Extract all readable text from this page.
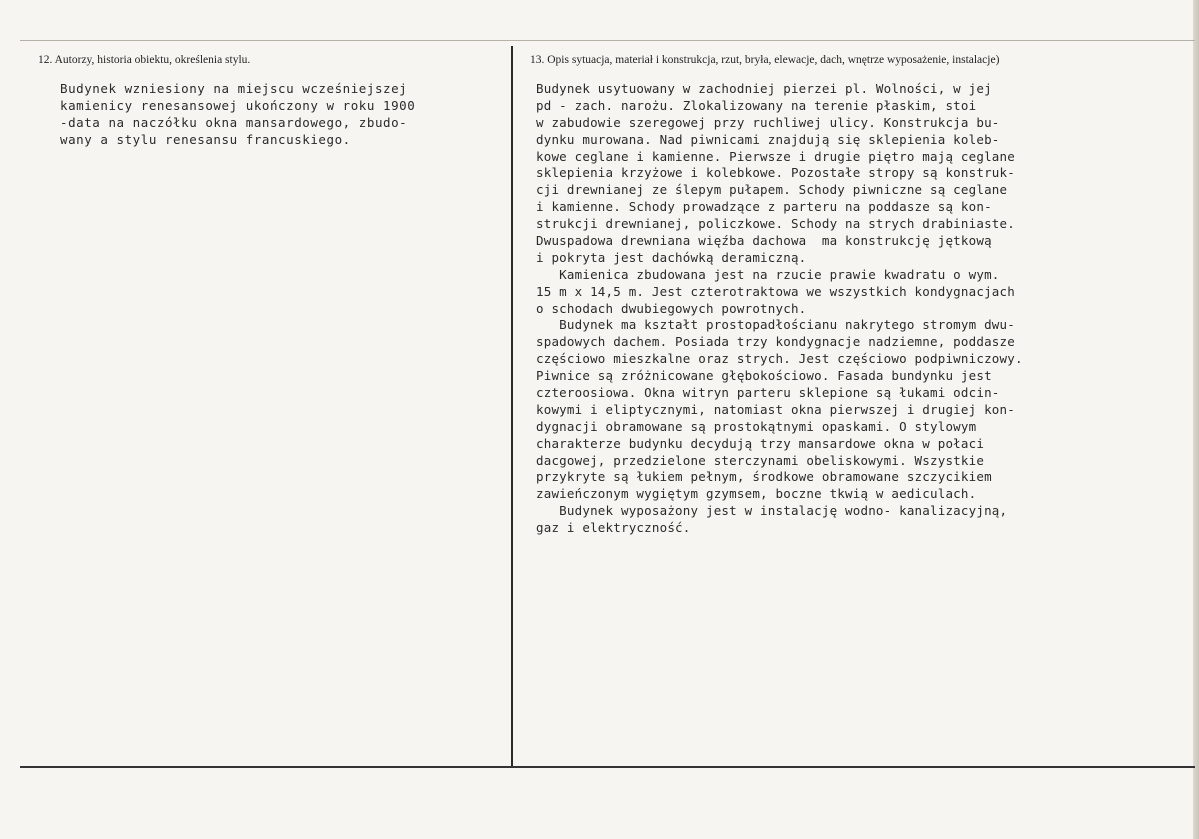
12. Autorzy, historia obiektu, określenia stylu.	13. Opis sytuacja, materiał i konstrukcja, rzut, bryła, elewacje, dach, wnętrze wyposażenie, instalacje)
Budynek wzniesiony na miejscu wcześniejszej
kamienicy renesansowej ukończony w roku 1900
-data na naczółku okna mansardowego, zbudo-
wany a stylu renesansu francuskiego.
Budynek usytuowany w zachodniej pierzei pl. Wolności, w jej
pd - zach. narożu. Zlokalizowany na terenie płaskim, stoi
w zabudowie szeregowej przy ruchliwej ulicy. Konstrukcja bu-
dynku murowana. Nad piwnicami znajdują się sklepienia koleb-
kowe ceglane i kamienne. Pierwsze i drugie piętro mają ceglane
sklepienia krzyżowe i kolebkowe. Pozostałe stropy są konstruk-
cji drewnianej ze ślepym pułapem. Schody piwniczne są ceglane
i kamienne. Schody prowadzące z parteru na poddasze są kon-
strukcji drewnianej, policzkowe. Schody na strych drabiniaste.
Dwuspadowa drewniana więźba dachowa  ma konstrukcję jętkową
i pokryta jest dachówką deramiczną.
Kamienica zbudowana jest na rzucie prawie kwadratu o wym.
15 m x 14,5 m. Jest czterotraktowa we wszystkich kondygnacjach
o schodach dwubiegowych powrotnych.
Budynek ma kształt prostopadłościanu nakrytego stromym dwu-
spadowych dachem. Posiada trzy kondygnacje nadziemne, poddasze
częściowo mieszkalne oraz strych. Jest częściowo podpiwniczowy.
Piwnice są zróżnicowane głębokościowo. Fasada bundynku jest
czteroosiowa. Okna witryn parteru sklepione są łukami odcin-
kowymi i eliptycznymi, natomiast okna pierwszej i drugiej kon-
dygnacji obramowane są prostokątnymi opaskami. O stylowym
charakterze budynku decydują trzy mansardowe okna w połaci
dacgowej, przedzielone sterczynami obeliskowymi. Wszystkie
przykryte są łukiem pełnym, środkowe obramowane szczycikiem
zawieńczonym wygiętym gzymsem, boczne tkwią w aediculach.
Budynek wyposażony jest w instalację wodno- kanalizacyjną,
gaz i elektryczność.
